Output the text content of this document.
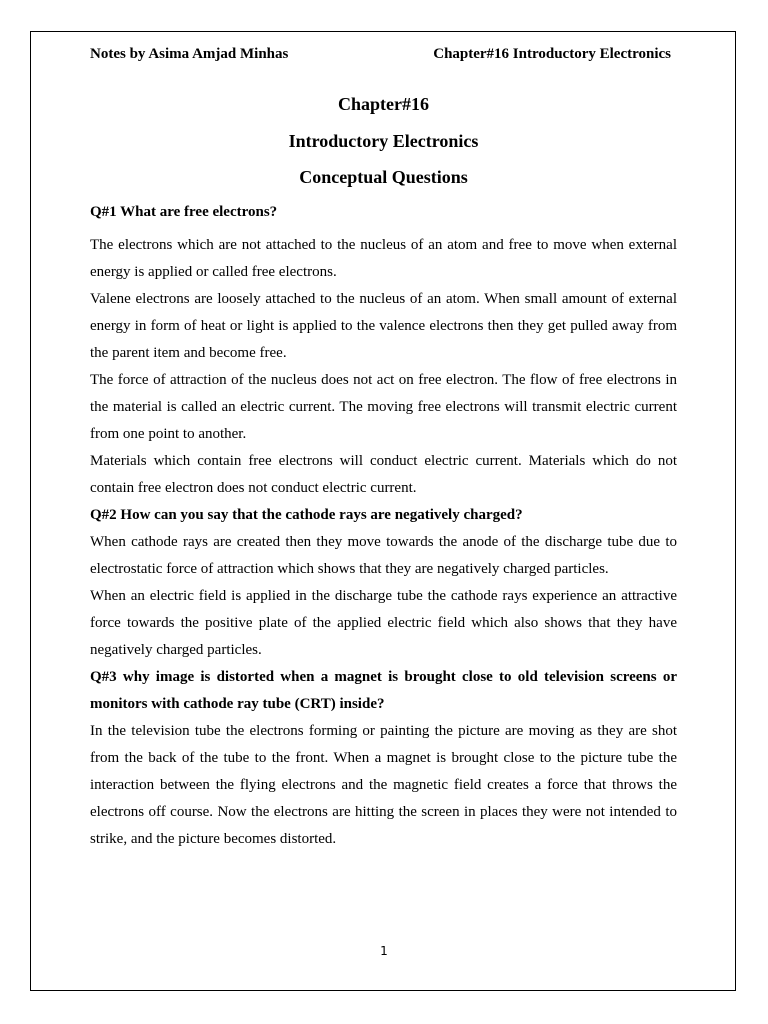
Notes by Asima Amjad Minhas	Chapter#16 Introductory Electronics

Chapter#16

Introductory Electronics

Conceptual Questions

Q#1 What are free electrons?

The electrons which are not attached to the nucleus of an atom and free to move when external energy is applied or called free electrons.

Valene electrons are loosely attached to the nucleus of an atom. When small amount of external energy in form of heat or light is applied to the valence electrons then they get pulled away from the parent item and become free.

The force of attraction of the nucleus does not act on free electron. The flow of free electrons in the material is called an electric current. The moving free electrons will transmit electric current from one point to another.

Materials which contain free electrons will conduct electric current. Materials which do not contain free electron does not conduct electric current.

Q#2 How can you say that the cathode rays are negatively charged?

When cathode rays are created then they move towards the anode of the discharge tube due to electrostatic force of attraction which shows that they are negatively charged particles.

When an electric field is applied in the discharge tube the cathode rays experience an attractive force towards the positive plate of the applied electric field which also shows that they have negatively charged particles.

Q#3 why image is distorted when a magnet is brought close to old television screens or monitors with cathode ray tube (CRT) inside?

In the television tube the electrons forming or painting the picture are moving as they are shot from the back of the tube to the front. When a magnet is brought close to the picture tube the interaction between the flying electrons and the magnetic field creates a force that throws the electrons off course. Now the electrons are hitting the screen in places they were not intended to strike, and the picture becomes distorted.

1
